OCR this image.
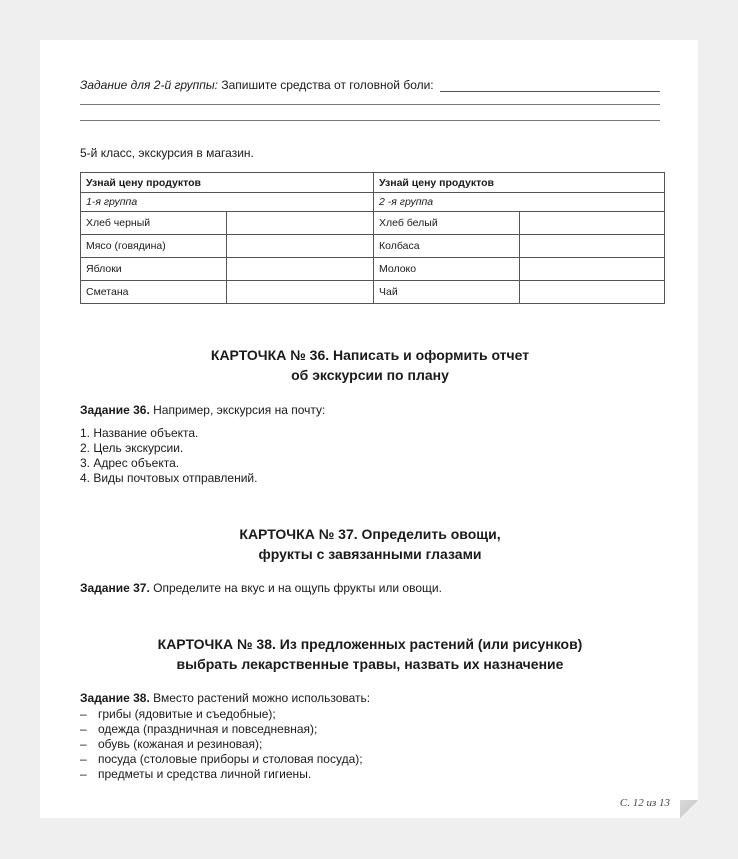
Задание для 2-й группы:
Запишите средства от головной боли:
5-й класс, экскурсия в магазин.
Узнай цену продуктов		Узнай цену продуктов	
1-я группа		2 -я группа	
Хлеб черный		Хлеб белый	
Мясо (говядина)		Колбаса	
Яблоки		Молоко	
Сметана		Чай	
КАРТОЧКА № 36. Написать и оформить отчет
об экскурсии по плану
Задание 36. Например, экскурсия на почту:
1. Название объекта.
2. Цель экскурсии.
3. Адрес объекта.
4. Виды почтовых отправлений.
КАРТОЧКА № 37. Определить овощи,
фрукты с завязанными глазами
Задание 37. Определите на вкус и на ощупь фрукты или овощи.
КАРТОЧКА № 38. Из предложенных растений (или рисунков)
выбрать лекарственные травы, назвать их назначение
Задание 38. Вместо растений можно использовать:
– грибы (ядовитые и съедобные);
– одежда (праздничная и повседневная);
– обувь (кожаная и резиновая);
– посуда (столовые приборы и столовая посуда);
– предметы и средства личной гигиены.
С. 12 из 13
